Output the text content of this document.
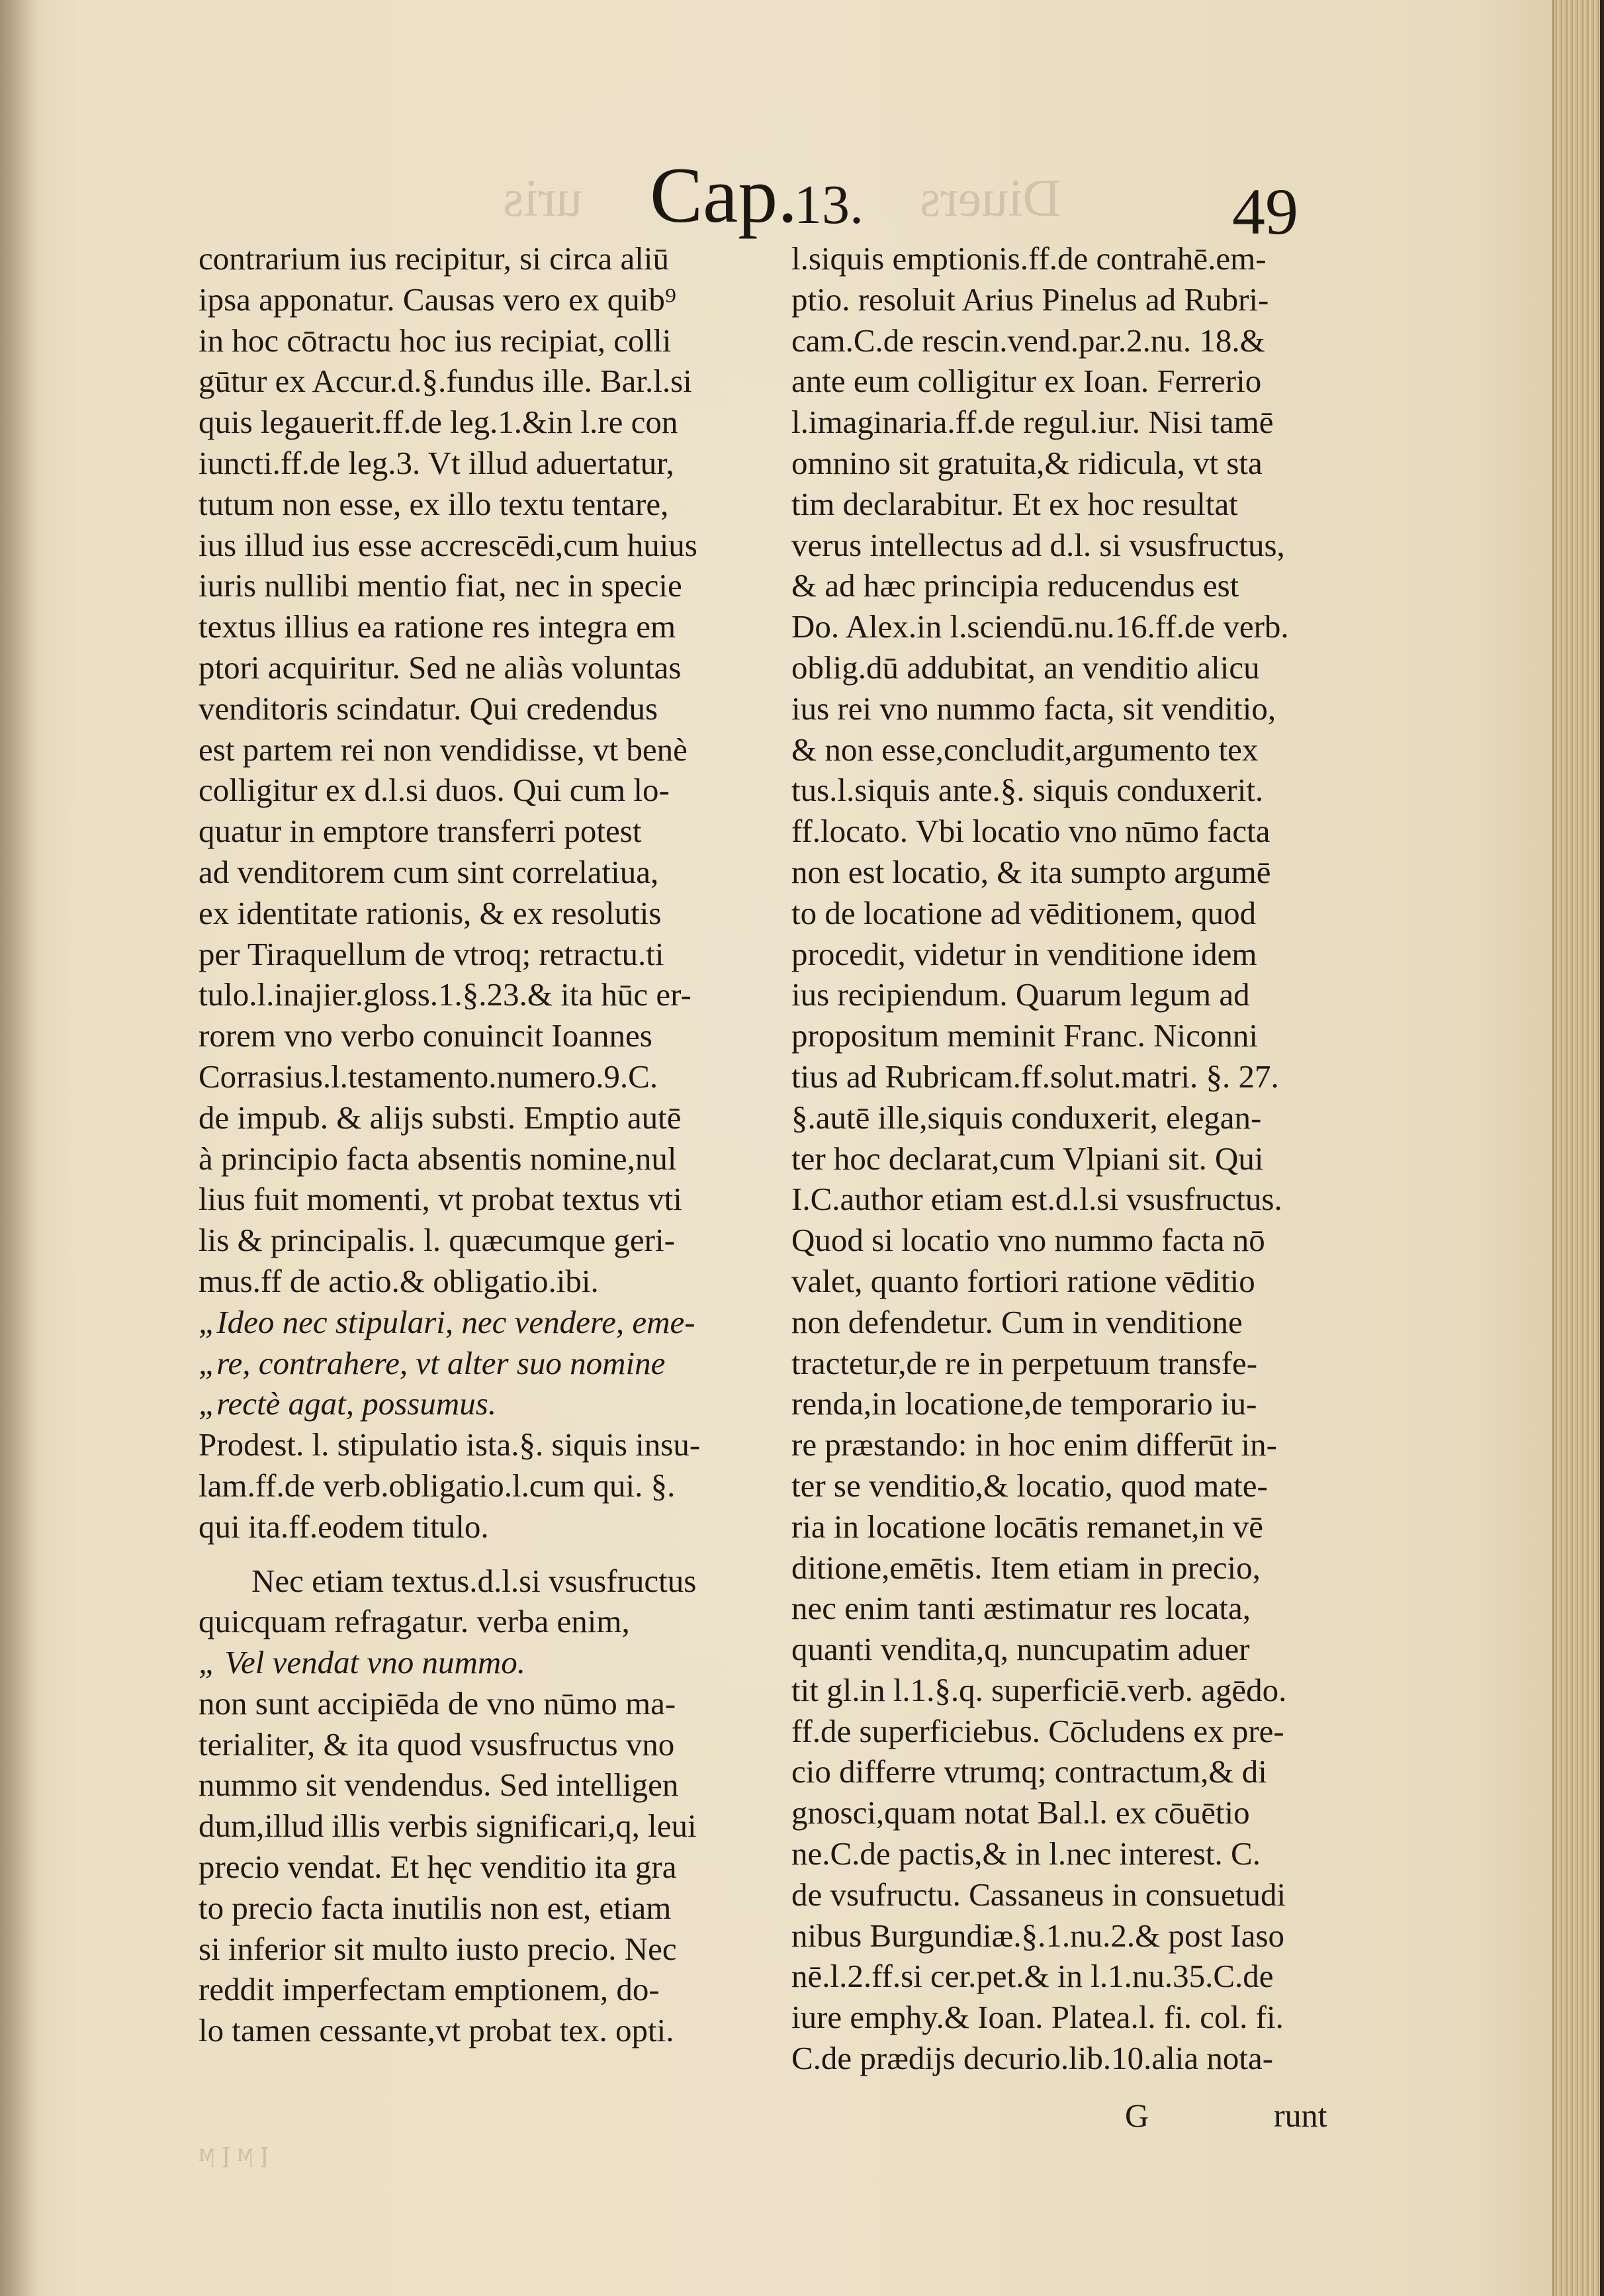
Diuers
uris Cap.
13.	49
contrarium ius recipitur, si circa aliū
ipsa apponatur. Causas vero ex quib⁹
in hoc cōtractu hoc ius recipiat, colli
gūtur ex Accur.d.§.fundus ille. Bar.l.si
quis legauerit.ff.de leg.1.&in l.re con
iuncti.ff.de leg.3. Vt illud aduertatur,
tutum non esse, ex illo textu tentare,
ius illud ius esse accrescēdi,cum huius
iuris nullibi mentio fiat, nec in specie
textus illius ea ratione res integra em
ptori acquiritur. Sed ne aliàs voluntas
venditoris scindatur. Qui credendus
est partem rei non vendidisse, vt benè
colligitur ex d.l.si duos. Qui cum lo-
quatur in emptore transferri potest
ad venditorem cum sint correlatiua,
ex identitate rationis, & ex resolutis
per Tiraquellum de vtroq; retractu.ti
tulo.l.inajier.gloss.1.§.23.& ita hūc er-
rorem vno verbo conuincit Ioannes
Corrasius.l.testamento.numero.9.C.
de impub. & alijs substi. Emptio autē
à principio facta absentis nomine,nul
lius fuit momenti, vt probat textus vti
lis & principalis. l. quæcumque geri-
mus.ff de actio.& obligatio.ibi.
„Ideo nec stipulari, nec vendere, eme-
„re, contrahere, vt alter suo nomine
„rectè agat, possumus.
Prodest. l. stipulatio ista.§. siquis insu-
lam.ff.de verb.obligatio.l.cum qui. §.
qui ita.ff.eodem titulo.
Nec etiam textus.d.l.si vsusfructus
quicquam refragatur. verba enim,
„ Vel vendat vno nummo.
non sunt accipiēda de vno nūmo ma-
terialiter, & ita quod vsusfructus vno
nummo sit vendendus. Sed intelligen
dum,illud illis verbis significari,q, leui
precio vendat. Et hęc venditio ita gra
to precio facta inutilis non est, etiam
si inferior sit multo iusto precio. Nec
reddit imperfectam emptionem, do-
lo tamen cessante,vt probat tex. opti.
l.siquis emptionis.ff.de contrahē.em-
ptio. resoluit Arius Pinelus ad Rubri-
cam.C.de rescin.vend.par.2.nu. 18.&
ante eum colligitur ex Ioan. Ferrerio
l.imaginaria.ff.de regul.iur. Nisi tamē
omnino sit gratuita,& ridicula, vt sta
tim declarabitur. Et ex hoc resultat
verus intellectus ad d.l. si vsusfructus,
& ad hæc principia reducendus est
Do. Alex.in l.sciendū.nu.16.ff.de verb.
oblig.dū addubitat, an venditio alicu
ius rei vno nummo facta, sit venditio,
& non esse,concludit,argumento tex
tus.l.siquis ante.§. siquis conduxerit.
ff.locato. Vbi locatio vno nūmo facta
non est locatio, & ita sumpto argumē
to de locatione ad vēditionem, quod
procedit, videtur in venditione idem
ius recipiendum. Quarum legum ad
propositum meminit Franc. Niconni
tius ad Rubricam.ff.solut.matri. §. 27.
§.autē ille,siquis conduxerit, elegan-
ter hoc declarat,cum Vlpiani sit. Qui
I.C.author etiam est.d.l.si vsusfructus.
Quod si locatio vno nummo facta nō
valet, quanto fortiori ratione vēditio
non defendetur. Cum in venditione
tractetur,de re in perpetuum transfe-
renda,in locatione,de temporario iu-
re præstando: in hoc enim differūt in-
ter se venditio,& locatio, quod mate-
ria in locatione locātis remanet,in vē
ditione,emētis. Item etiam in precio,
nec enim tanti æstimatur res locata,
quanti vendita,q, nuncupatim aduer
tit gl.in l.1.§.q. superficiē.verb. agēdo.
ff.de superficiebus. Cōcludens ex pre-
cio differre vtrumq; contractum,& di
gnosci,quam notat Bal.l. ex cōuētio
ne.C.de pactis,& in l.nec interest. C.
de vsufructu. Cassaneus in consuetudi
nibus Burgundiæ.§.1.nu.2.& post Iaso
nē.l.2.ff.si cer.pet.& in l.1.nu.35.C.de
iure emphy.& Ioan. Platea.l. fi. col. fi.
C.de prædijs decurio.lib.10.alia nota-
G	runt
ꞁ ϻ ꞁ ϻ
